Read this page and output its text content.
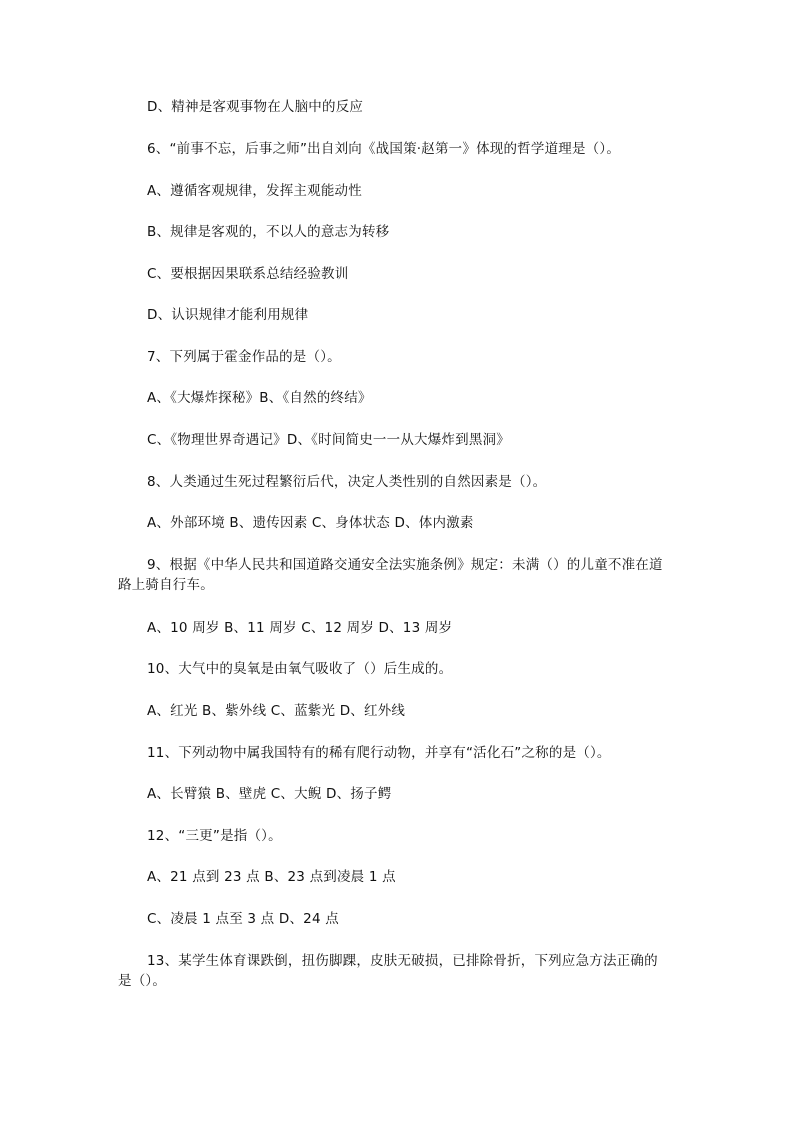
D、精神是客观事物在人脑中的反应
6、“前事不忘，后事之师”出自刘向《战国策·赵第一》体现的哲学道理是（）。
A、遵循客观规律，发挥主观能动性
B、规律是客观的，不以人的意志为转移
C、要根据因果联系总结经验教训
D、认识规律才能利用规律
7、下列属于霍金作品的是（）。
A、《大爆炸探秘》B、《自然的终结》
C、《物理世界奇遇记》D、《时间简史一一从大爆炸到黑洞》
8、人类通过生死过程繁衍后代，决定人类性别的自然因素是（）。
A、外部环境 B、遗传因素 C、身体状态 D、体内激素
9、根据《中华人民共和国道路交通安全法实施条例》规定：未满（）的儿童不准在道
路上骑自行车。
A、10 周岁 B、11 周岁 C、12 周岁 D、13 周岁
10、大气中的臭氧是由氧气吸收了（）后生成的。
A、红光 B、紫外线 C、蓝紫光 D、红外线
11、下列动物中属我国特有的稀有爬行动物，并享有“活化石”之称的是（）。
A、长臂猿 B、壁虎 C、大鲵 D、扬子鳄
12、“三更”是指（）。
A、21 点到 23 点 B、23 点到凌晨 1 点
C、凌晨 1 点至 3 点 D、24 点
13、某学生体育课跌倒，扭伤脚踝，皮肤无破损，已排除骨折，下列应急方法正确的
是（）。
